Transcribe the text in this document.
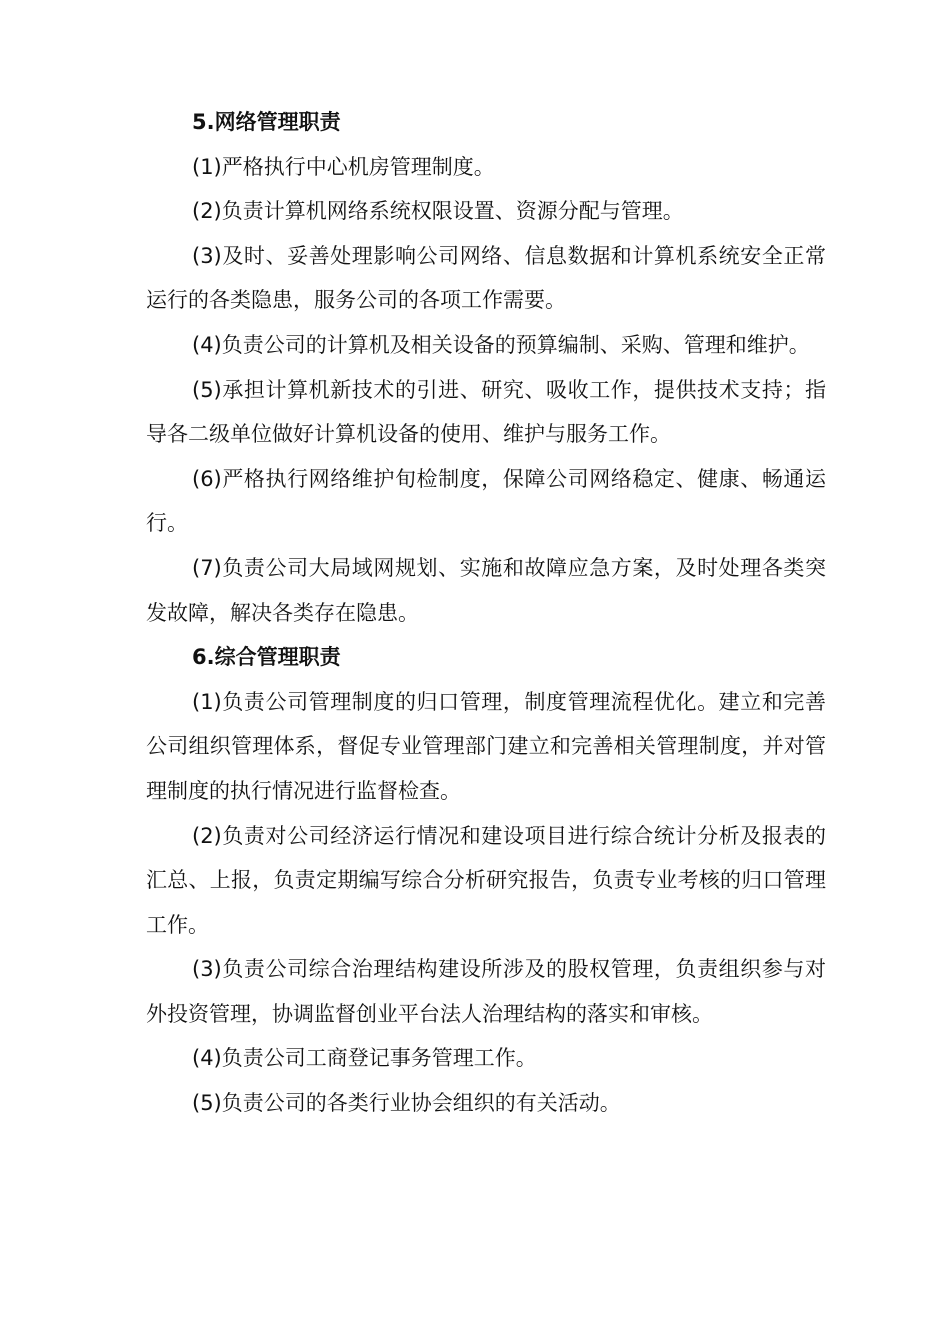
5.网络管理职责

(1)严格执行中心机房管理制度。

(2)负责计算机网络系统权限设置、资源分配与管理。

(3)及时、妥善处理影响公司网络、信息数据和计算机系统安全正常运行的各类隐患，服务公司的各项工作需要。

(4)负责公司的计算机及相关设备的预算编制、采购、管理和维护。

(5)承担计算机新技术的引进、研究、吸收工作，提供技术支持；指导各二级单位做好计算机设备的使用、维护与服务工作。

(6)严格执行网络维护旬检制度，保障公司网络稳定、健康、畅通运行。

(7)负责公司大局域网规划、实施和故障应急方案，及时处理各类突发故障，解决各类存在隐患。

6.综合管理职责

(1)负责公司管理制度的归口管理，制度管理流程优化。建立和完善公司组织管理体系，督促专业管理部门建立和完善相关管理制度，并对管理制度的执行情况进行监督检查。

(2)负责对公司经济运行情况和建设项目进行综合统计分析及报表的汇总、上报，负责定期编写综合分析研究报告，负责专业考核的归口管理工作。

(3)负责公司综合治理结构建设所涉及的股权管理，负责组织参与对外投资管理，协调监督创业平台法人治理结构的落实和审核。

(4)负责公司工商登记事务管理工作。

(5)负责公司的各类行业协会组织的有关活动。
